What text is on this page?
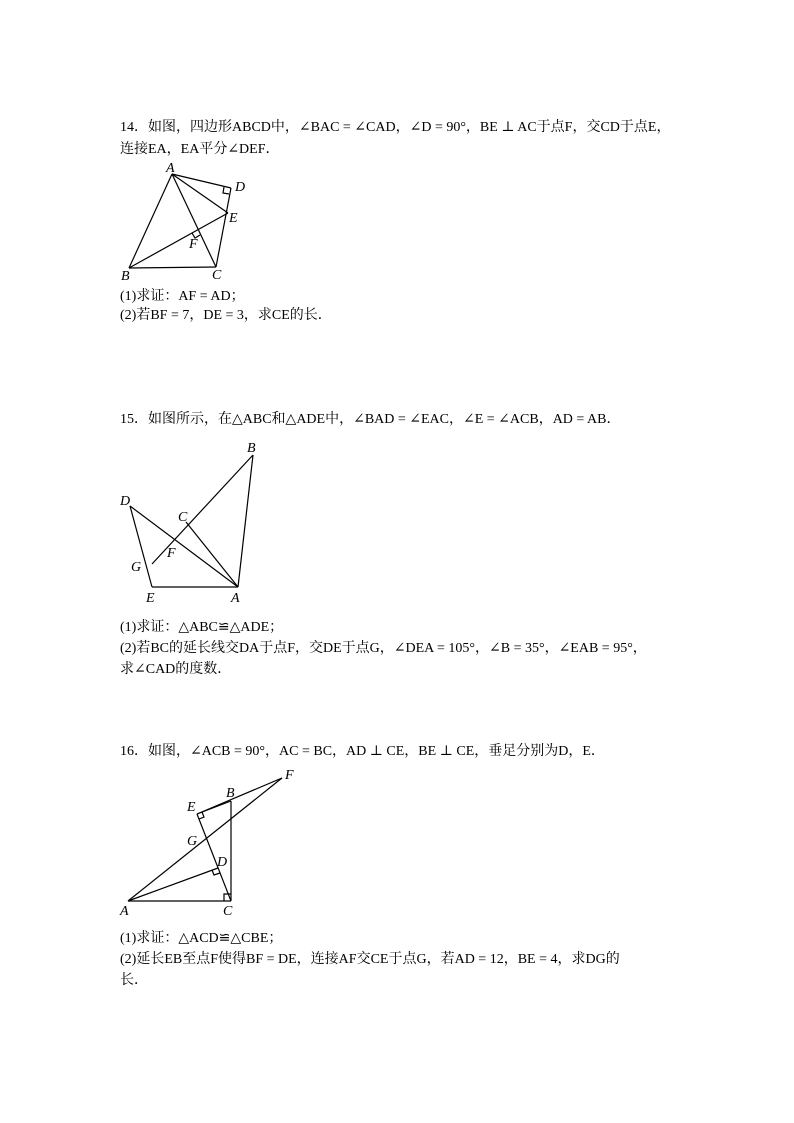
14．如图，四边形ABCD中，∠BAC = ∠CAD，∠D = 90°，BE ⊥ AC于点F，交CD于点E，
连接EA，EA平分∠DEF．
A
B	C
D
E
F
(1)求证：AF = AD；
(2)若BF = 7，DE = 3，求CE的长．
15．如图所示，在△ABC和△ADE中，∠BAD = ∠EAC，∠E = ∠ACB，AD = AB．
A
B
C
D
E
F
G
(1)求证：△ABC≌△ADE；
(2)若BC的延长线交DA于点F，交DE于点G，∠DEA = 105°，∠B = 35°，∠EAB = 95°，
求∠CAD的度数．
16．如图，∠ACB = 90°，AC = BC，AD ⊥ CE，BE ⊥ CE，垂足分别为D，E．
A
B
C
D
E
F
G
(1)求证：△ACD≌△CBE；
(2)延长EB至点F使得BF = DE，连接AF交CE于点G，若AD = 12，BE = 4，求DG的
长．
